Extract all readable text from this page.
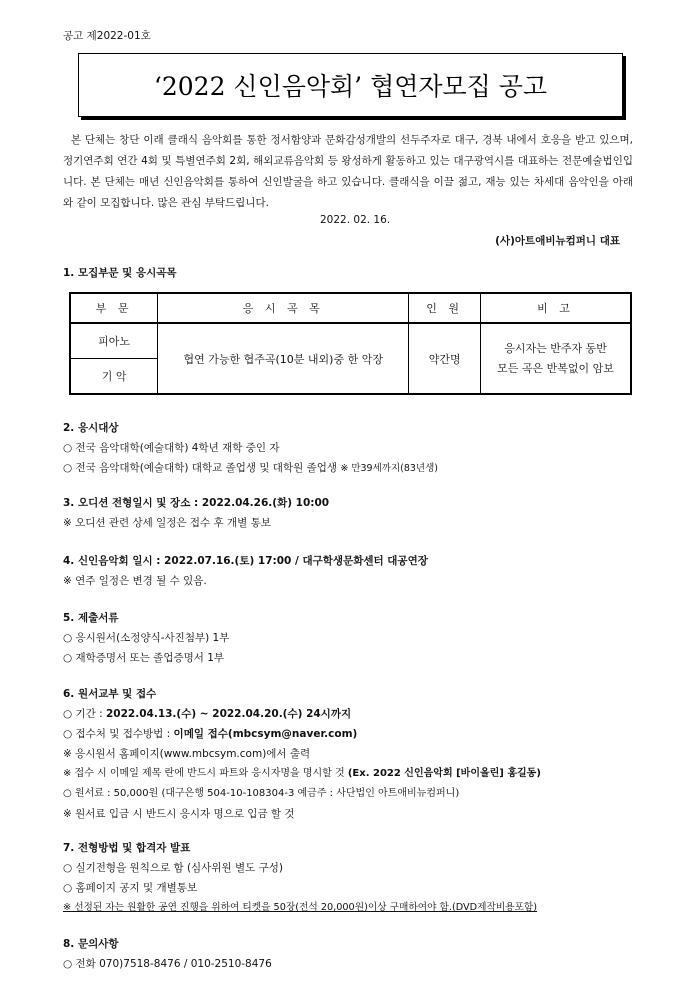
공고 제2022-01호
‘2022 신인음악회’ 협연자모집 공고
본 단체는 창단 이래 클래식 음악회를 통한 정서함양과 문화감성개발의 선두주자로 대구, 경북 내에서 호응을 받고 있으며, 정기연주회 연간 4회 및 특별연주회 2회, 해외교류음악회 등 왕성하게 활동하고 있는 대구광역시를 대표하는 전문예술법인입니다. 본 단체는 매년 신인음악회를 통하여 신인발굴을 하고 있습니다. 클래식을 이끌 젊고, 재능 있는 차세대 음악인을 아래와 같이 모집합니다. 많은 관심 부탁드립니다.
2022. 02. 16.
(사)아트애비뉴컴퍼니 대표
1. 모집부문 및 응시곡목
부 문	응 시 곡 목	인 원	비 고
피아노	협연 가능한 협주곡(10분 내외)중 한 악장	약간명	응시자는 반주자 동반
모든 곡은 반복없이 암보

기 악			
2. 응시대상
○ 전국 음악대학(예술대학) 4학년 재학 중인 자
○ 전국 음악대학(예술대학) 대학교 졸업생 및 대학원 졸업생 ※ 만39세까지(83년생)
3. 오디션 전형일시 및 장소 : 2022.04.26.(화) 10:00
※ 오디션 관련 상세 일정은 접수 후 개별 통보
4. 신인음악회 일시 : 2022.07.16.(토) 17:00 / 대구학생문화센터 대공연장
※ 연주 일정은 변경 될 수 있음.
5. 제출서류
○ 응시원서(소정양식-사진첨부) 1부
○ 재학증명서 또는 졸업증명서 1부
6. 원서교부 및 접수
○ 기간 : 2022.04.13.(수) ~ 2022.04.20.(수) 24시까지
○ 접수처 및 접수방법 : 이메일 접수(mbcsym@naver.com)
※ 응시원서 홈페이지(www.mbcsym.com)에서 출력
※ 접수 시 이메일 제목 란에 반드시 파트와 응시자명을 명시할 것 (Ex. 2022 신인음악회 [바이올린] 홍길동)
○ 원서료 : 50,000원 (대구은행 504-10-108304-3 예금주 : 사단법인 아트애비뉴컴퍼니)
※ 원서료 입금 시 반드시 응시자 명으로 입금 할 것
7. 전형방법 및 합격자 발표
○ 실기전형을 원칙으로 함 (심사위원 별도 구성)
○ 홈페이지 공지 및 개별통보
※ 선정된 자는 원활한 공연 진행을 위하여 티켓을 50장(전석 20,000원)이상 구매하여야 함.(DVD제작비용포함)
8. 문의사항
○ 전화 070)7518-8476 / 010-2510-8476
